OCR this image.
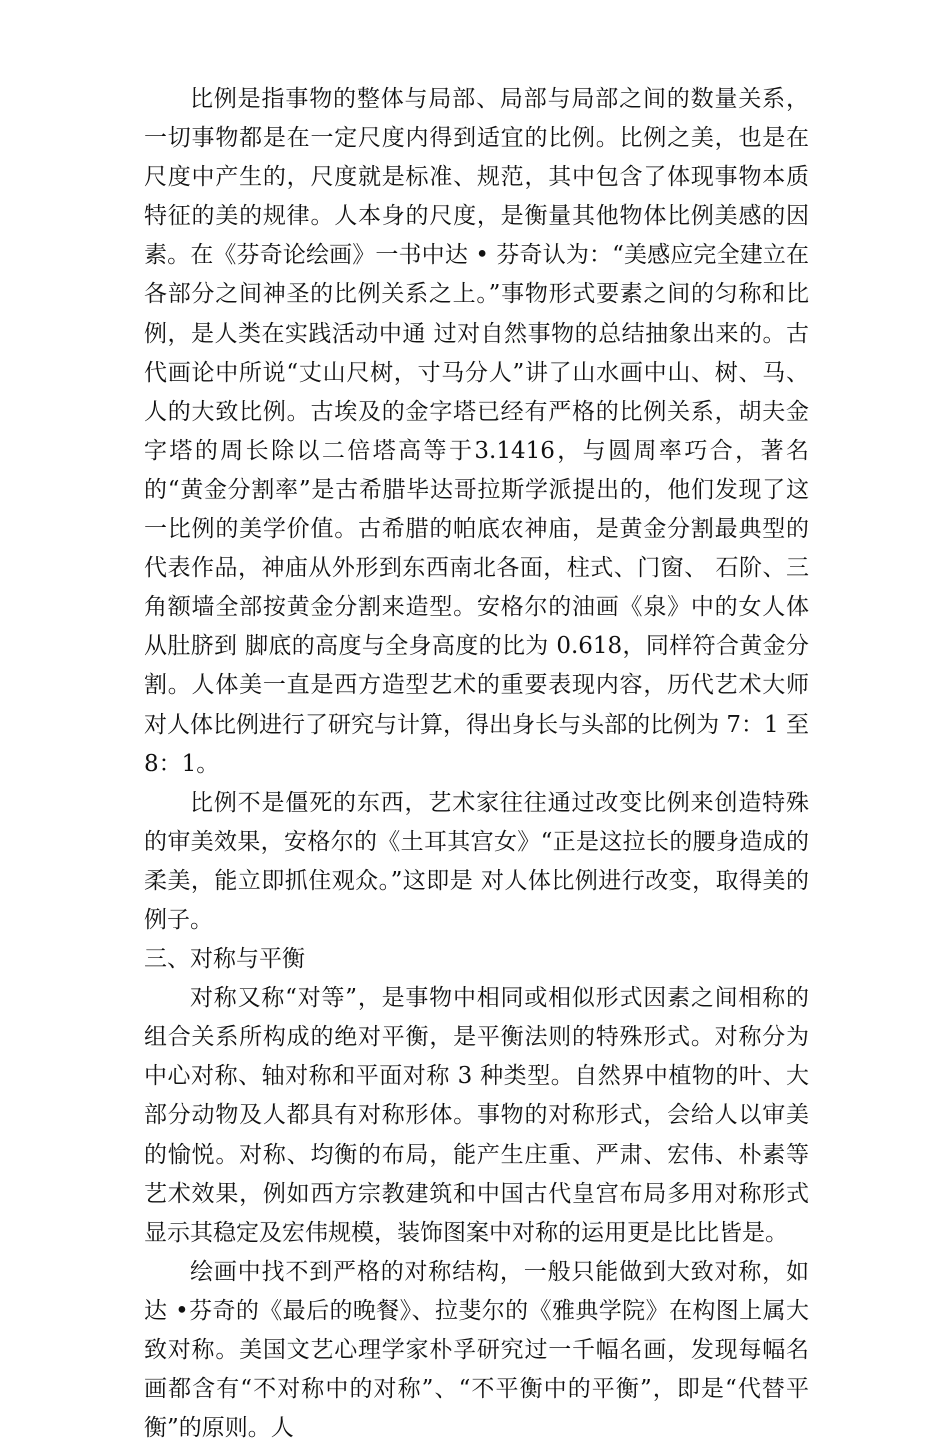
比例是指事物的整体与局部、局部与局部之间的数量关系，一切事物都是在一定尺度内得到适宜的比例。比例之美，也是在尺度中产生的，尺度就是标准、规范，其中包含了体现事物本质特征的美的规律。人本身的尺度，是衡量其他物体比例美感的因素。在《芬奇论绘画》一书中达 • 芬奇认为：“美感应完全建立在各部分之间神圣的比例关系之上。”事物形式要素之间的匀称和比例，是人类在实践活动中通 过对自然事物的总结抽象出来的。古代画论中所说“丈山尺树，寸马分人”讲了山水画中山、树、马、人的大致比例。古埃及的金字塔已经有严格的比例关系，胡夫金字塔的周长除以二倍塔高等于3.1416，与圆周率巧合，著名的“黄金分割率”是古希腊毕达哥拉斯学派提出的，他们发现了这一比例的美学价值。古希腊的帕底农神庙，是黄金分割最典型的代表作品，神庙从外形到东西南北各面，柱式、门窗、 石阶、三角额墙全部按黄金分割来造型。安格尔的油画《泉》中的女人体从肚脐到 脚底的高度与全身高度的比为 0.618，同样符合黄金分割。人体美一直是西方造型艺术的重要表现内容，历代艺术大师对人体比例进行了研究与计算，得出身长与头部的比例为 7：1 至 8：1。

比例不是僵死的东西，艺术家往往通过改变比例来创造特殊的审美效果，安格尔的《土耳其宫女》“正是这拉长的腰身造成的柔美，能立即抓住观众。”这即是 对人体比例进行改变，取得美的例子。

三、对称与平衡

对称又称“对等”，是事物中相同或相似形式因素之间相称的组合关系所构成的绝对平衡，是平衡法则的特殊形式。对称分为中心对称、轴对称和平面对称 3 种类型。自然界中植物的叶、大部分动物及人都具有对称形体。事物的对称形式，会给人以审美的愉悦。对称、均衡的布局，能产生庄重、严肃、宏伟、朴素等艺术效果，例如西方宗教建筑和中国古代皇宫布局多用对称形式显示其稳定及宏伟规模，装饰图案中对称的运用更是比比皆是。

绘画中找不到严格的对称结构，一般只能做到大致对称，如达 •芬奇的《最后的晚餐》、拉斐尔的《雅典学院》在构图上属大致对称。美国文艺心理学家朴孚研究过一千幅名画，发现每幅名画都含有“不对称中的对称”、“不平衡中的平衡”，即是“代替平衡”的原则。人
